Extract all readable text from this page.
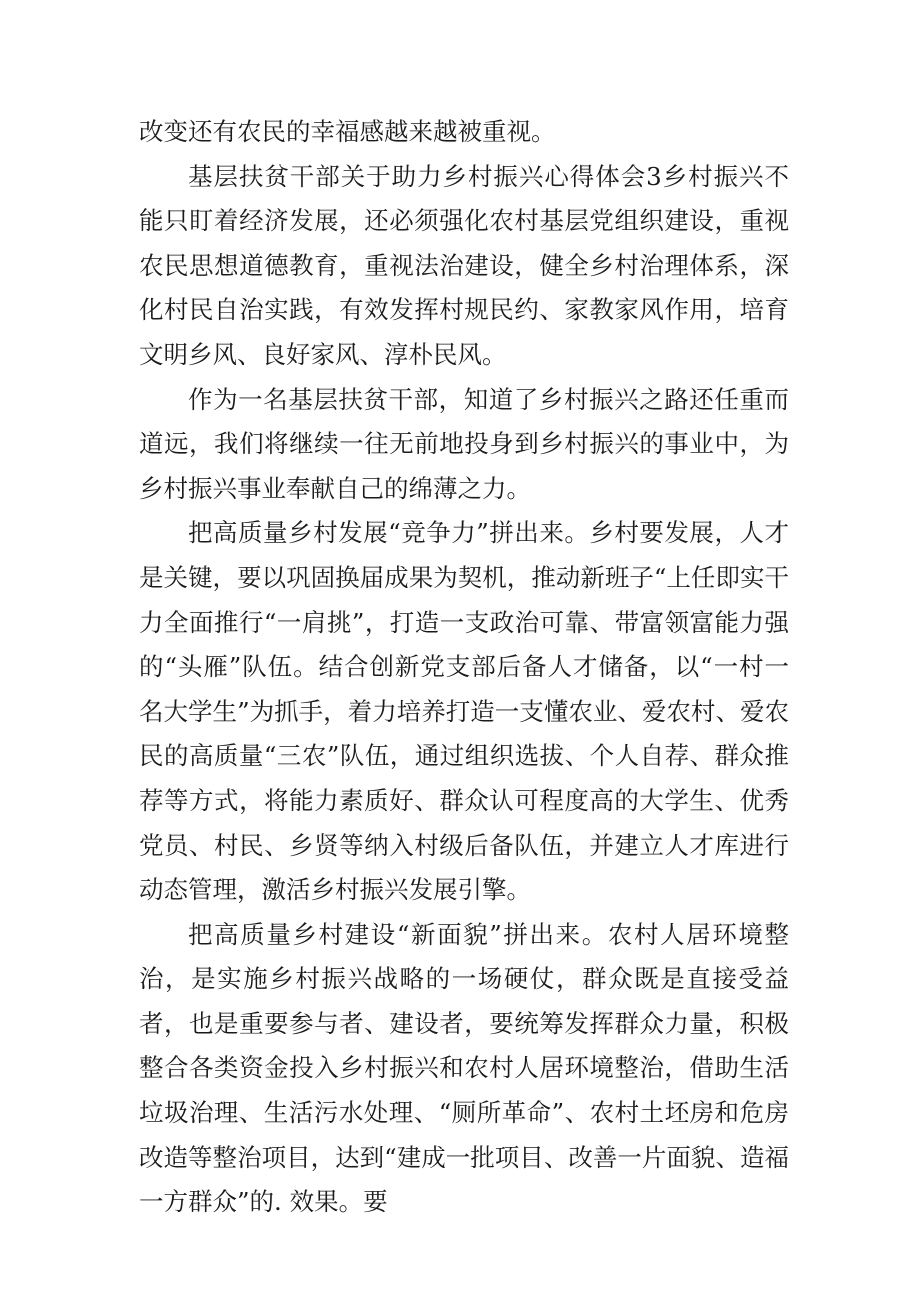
改变还有农民的幸福感越来越被重视。

基层扶贫干部关于助力乡村振兴心得体会3乡村振兴不能只盯着经济发展，还必须强化农村基层党组织建设，重视农民思想道德教育，重视法治建设，健全乡村治理体系，深化村民自治实践，有效发挥村规民约、家教家风作用，培育文明乡风、良好家风、淳朴民风。

作为一名基层扶贫干部，知道了乡村振兴之路还任重而道远，我们将继续一往无前地投身到乡村振兴的事业中，为乡村振兴事业奉献自己的绵薄之力。

把高质量乡村发展“竞争力”拼出来。乡村要发展，人才是关键，要以巩固换届成果为契机，推动新班子“上任即实干力全面推行“一肩挑”，打造一支政治可靠、带富领富能力强的“头雁”队伍。结合创新党支部后备人才储备，以“一村一名大学生”为抓手，着力培养打造一支懂农业、爱农村、爱农民的高质量“三农”队伍，通过组织选拔、个人自荐、群众推荐等方式，将能力素质好、群众认可程度高的大学生、优秀党员、村民、乡贤等纳入村级后备队伍，并建立人才库进行动态管理，激活乡村振兴发展引擎。

把高质量乡村建设“新面貌”拼出来。农村人居环境整治，是实施乡村振兴战略的一场硬仗，群众既是直接受益者，也是重要参与者、建设者，要统筹发挥群众力量，积极整合各类资金投入乡村振兴和农村人居环境整治，借助生活垃圾治理、生活污水处理、“厕所革命”、农村土坯房和危房改造等整治项目，达到“建成一批项目、改善一片面貌、造福一方群众”的. 效果。要
